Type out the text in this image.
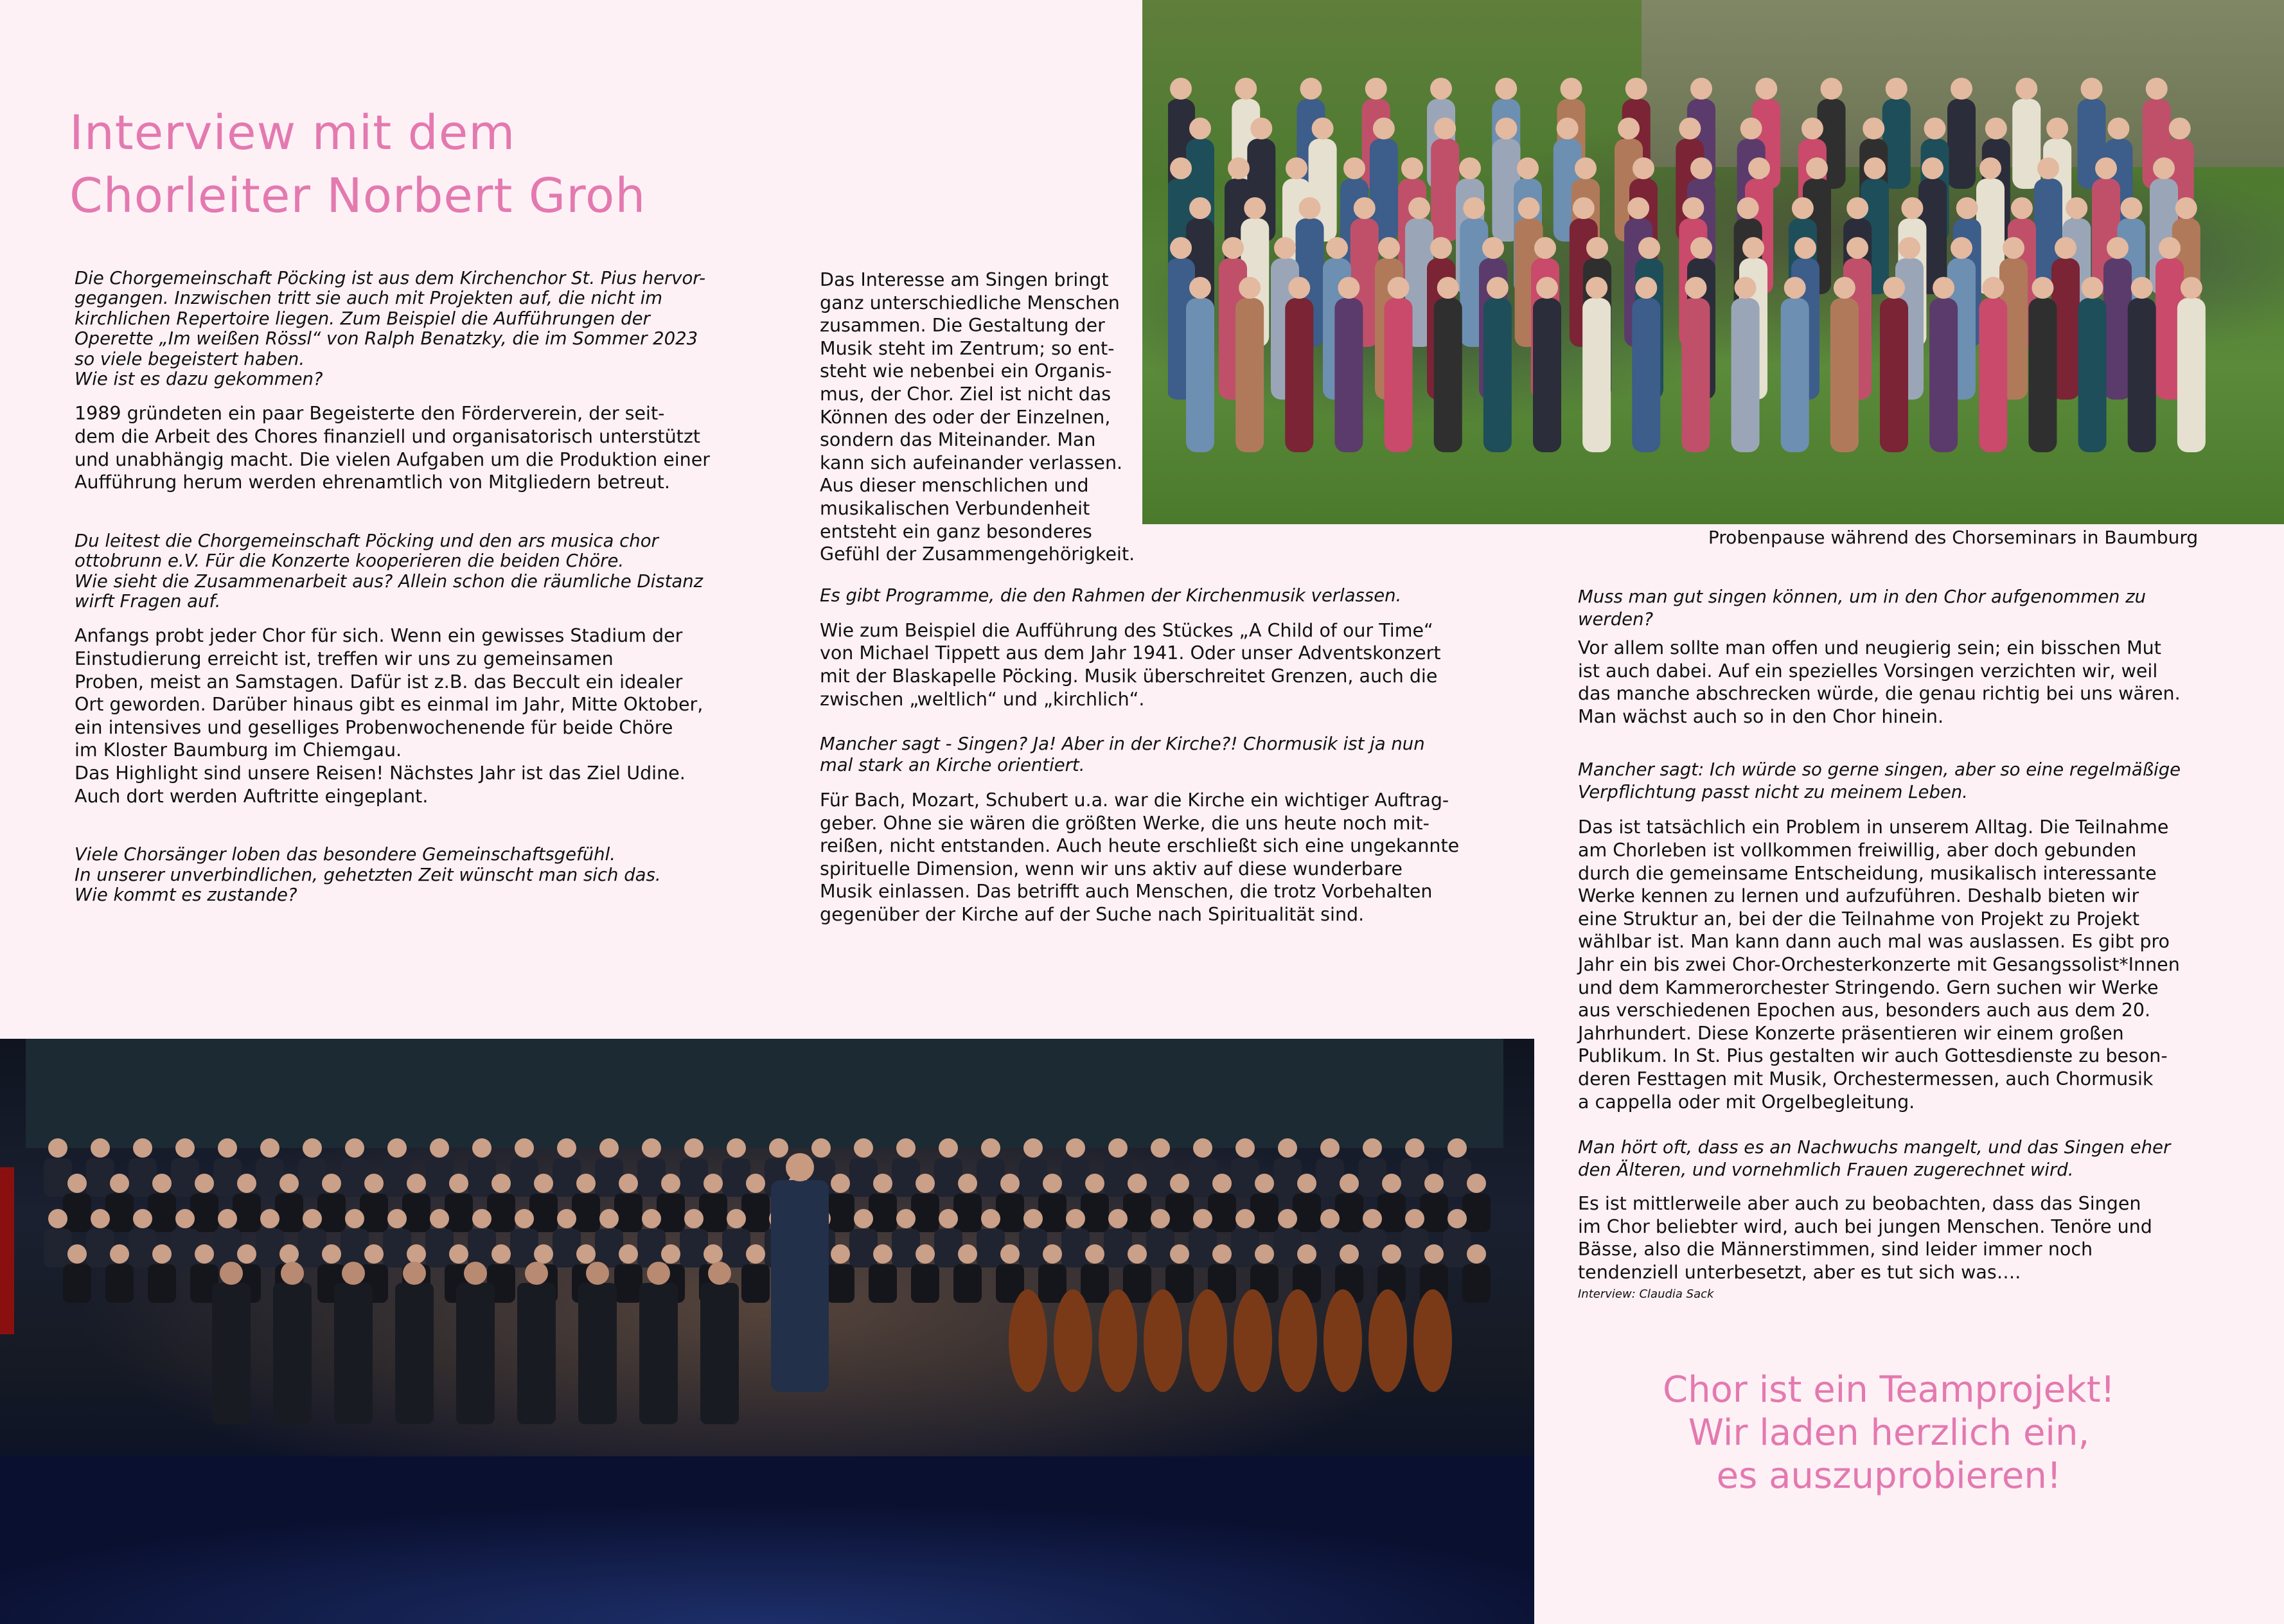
Interview mit dem
Chorleiter Norbert Groh

Die Chorgemeinschaft Pöcking ist aus dem Kirchenchor St. Pius hervor-
gegangen. Inzwischen tritt sie auch mit Projekten auf, die nicht im
kirchlichen Repertoire liegen. Zum Beispiel die Aufführungen der
Operette „Im weißen Rössl“ von Ralph Benatzky, die im Sommer 2023
so viele begeistert haben.
Wie ist es dazu gekommen?

1989 gründeten ein paar Begeisterte den Förderverein, der seit-
dem die Arbeit des Chores finanziell und organisatorisch unterstützt
und unabhängig macht. Die vielen Aufgaben um die Produktion einer
Aufführung herum werden ehrenamtlich von Mitgliedern betreut.

Du leitest die Chorgemeinschaft Pöcking und den ars musica chor
ottobrunn e.V. Für die Konzerte kooperieren die beiden Chöre.
Wie sieht die Zusammenarbeit aus? Allein schon die räumliche Distanz
wirft Fragen auf.

Anfangs probt jeder Chor für sich. Wenn ein gewisses Stadium der
Einstudierung erreicht ist, treffen wir uns zu gemeinsamen
Proben, meist an Samstagen. Dafür ist z.B. das Beccult ein idealer
Ort geworden. Darüber hinaus gibt es einmal im Jahr, Mitte Oktober,
ein intensives und geselliges Probenwochenende für beide Chöre
im Kloster Baumburg im Chiemgau.
Das Highlight sind unsere Reisen! Nächstes Jahr ist das Ziel Udine.
Auch dort werden Auftritte eingeplant.

Viele Chorsänger loben das besondere Gemeinschaftsgefühl.
In unserer unverbindlichen, gehetzten Zeit wünscht man sich das.
Wie kommt es zustande?

Das Interesse am Singen bringt
ganz unterschiedliche Menschen
zusammen. Die Gestaltung der
Musik steht im Zentrum; so ent-
steht wie nebenbei ein Organis-
mus, der Chor. Ziel ist nicht das
Können des oder der Einzelnen,
sondern das Miteinander. Man
kann sich aufeinander verlassen.
Aus dieser menschlichen und
musikalischen Verbundenheit
entsteht ein ganz besonderes
Gefühl der Zusammengehörigkeit.

Es gibt Programme, die den Rahmen der Kirchenmusik verlassen.

Wie zum Beispiel die Aufführung des Stückes „A Child of our Time“
von Michael Tippett aus dem Jahr 1941. Oder unser Adventskonzert
mit der Blaskapelle Pöcking. Musik überschreitet Grenzen, auch die
zwischen „weltlich“ und „kirchlich“.

Mancher sagt - Singen? Ja! Aber in der Kirche?! Chormusik ist ja nun
mal stark an Kirche orientiert.

Für Bach, Mozart, Schubert u.a. war die Kirche ein wichtiger Auftrag-
geber. Ohne sie wären die größten Werke, die uns heute noch mit-
reißen, nicht entstanden. Auch heute erschließt sich eine ungekannte
spirituelle Dimension, wenn wir uns aktiv auf diese wunderbare
Musik einlassen. Das betrifft auch Menschen, die trotz Vorbehalten
gegenüber der Kirche auf der Suche nach Spiritualität sind.

Probenpause während des Chorseminars in Baumburg

Muss man gut singen können, um in den Chor aufgenommen zu
werden?

Vor allem sollte man offen und neugierig sein; ein bisschen Mut
ist auch dabei. Auf ein spezielles Vorsingen verzichten wir, weil
das manche abschrecken würde, die genau richtig bei uns wären.
Man wächst auch so in den Chor hinein.

Mancher sagt: Ich würde so gerne singen, aber so eine regelmäßige
Verpflichtung passt nicht zu meinem Leben.

Das ist tatsächlich ein Problem in unserem Alltag. Die Teilnahme
am Chorleben ist vollkommen freiwillig, aber doch gebunden
durch die gemeinsame Entscheidung, musikalisch interessante
Werke kennen zu lernen und aufzuführen. Deshalb bieten wir
eine Struktur an, bei der die Teilnahme von Projekt zu Projekt
wählbar ist. Man kann dann auch mal was auslassen. Es gibt pro
Jahr ein bis zwei Chor-Orchesterkonzerte mit Gesangssolist*Innen
und dem Kammerorchester Stringendo. Gern suchen wir Werke
aus verschiedenen Epochen aus, besonders auch aus dem 20.
Jahrhundert. Diese Konzerte präsentieren wir einem großen
Publikum. In St. Pius gestalten wir auch Gottesdienste zu beson-
deren Festtagen mit Musik, Orchestermessen, auch Chormusik
a cappella oder mit Orgelbegleitung.

Man hört oft, dass es an Nachwuchs mangelt, und das Singen eher
den Älteren, und vornehmlich Frauen zugerechnet wird.

Es ist mittlerweile aber auch zu beobachten, dass das Singen
im Chor beliebter wird, auch bei jungen Menschen. Tenöre und
Bässe, also die Männerstimmen, sind leider immer noch
tendenziell unterbesetzt, aber es tut sich was….

Interview: Claudia Sack

Chor ist ein Teamprojekt!
Wir laden herzlich ein,
es auszuprobieren!
